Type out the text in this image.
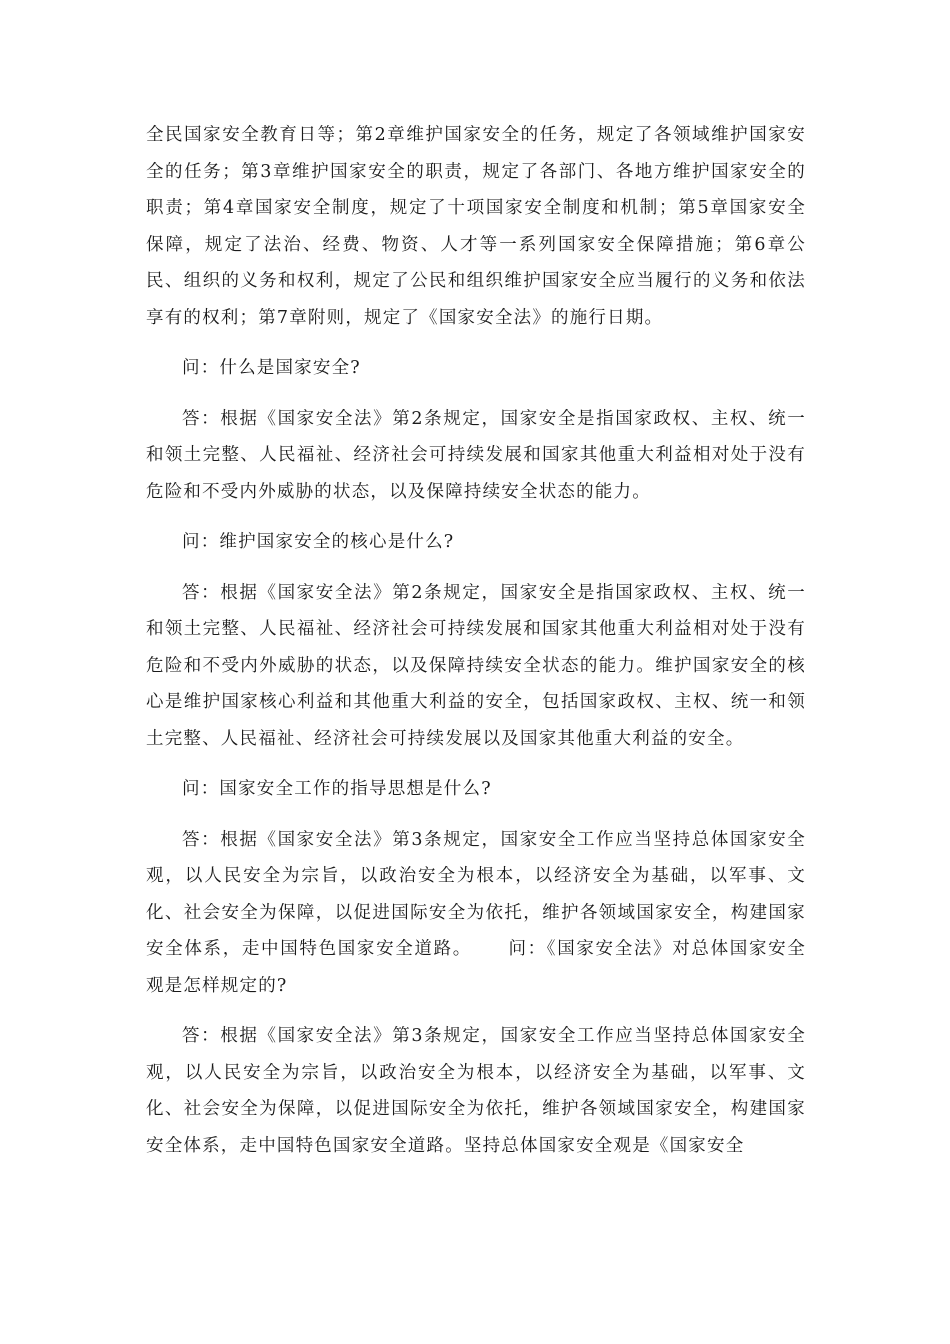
全民国家安全教育日等；第2章维护国家安全的任务，规定了各领域维护国家安全的任务；第3章维护国家安全的职责，规定了各部门、各地方维护国家安全的职责；第4章国家安全制度，规定了十项国家安全制度和机制；第5章国家安全保障，规定了法治、经费、物资、人才等一系列国家安全保障措施；第6章公民、组织的义务和权利，规定了公民和组织维护国家安全应当履行的义务和依法享有的权利；第7章附则，规定了《国家安全法》的施行日期。

问：什么是国家安全?

答：根据《国家安全法》第2条规定，国家安全是指国家政权、主权、统一和领土完整、人民福祉、经济社会可持续发展和国家其他重大利益相对处于没有危险和不受内外威胁的状态，以及保障持续安全状态的能力。

问：维护国家安全的核心是什么?

答：根据《国家安全法》第2条规定，国家安全是指国家政权、主权、统一和领土完整、人民福祉、经济社会可持续发展和国家其他重大利益相对处于没有危险和不受内外威胁的状态，以及保障持续安全状态的能力。维护国家安全的核心是维护国家核心利益和其他重大利益的安全，包括国家政权、主权、统一和领土完整、人民福祉、经济社会可持续发展以及国家其他重大利益的安全。

问：国家安全工作的指导思想是什么?

答：根据《国家安全法》第3条规定，国家安全工作应当坚持总体国家安全观，以人民安全为宗旨，以政治安全为根本，以经济安全为基础，以军事、文化、社会安全为保障，以促进国际安全为依托，维护各领域国家安全，构建国家安全体系，走中国特色国家安全道路。 问：《国家安全法》对总体国家安全观是怎样规定的?

答：根据《国家安全法》第3条规定，国家安全工作应当坚持总体国家安全观，以人民安全为宗旨，以政治安全为根本，以经济安全为基础，以军事、文化、社会安全为保障，以促进国际安全为依托，维护各领域国家安全，构建国家安全体系，走中国特色国家安全道路。坚持总体国家安全观是《国家安全
